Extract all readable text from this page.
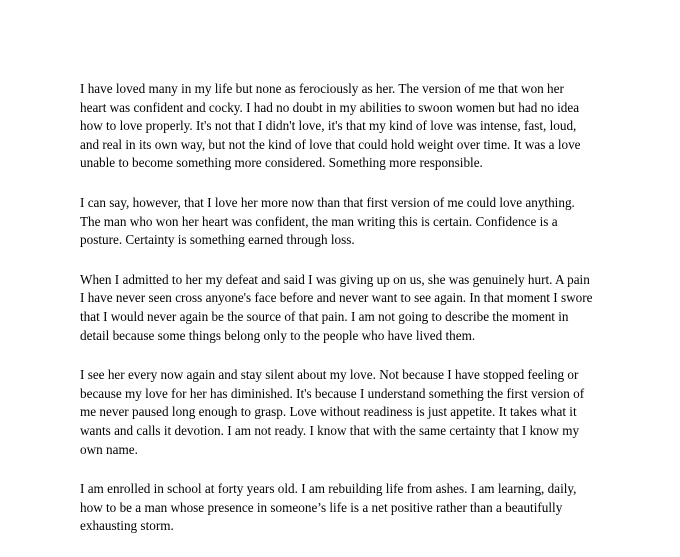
I have loved many in my life but none as ferociously as her. The version of me that won her
heart was confident and cocky. I had no doubt in my abilities to swoon women but had no idea
how to love properly. It's not that I didn't love, it's that my kind of love was intense, fast, loud,
and real in its own way, but not the kind of love that could hold weight over time. It was a love
unable to become something more considered. Something more responsible.

I can say, however, that I love her more now than that first version of me could love anything.
The man who won her heart was confident, the man writing this is certain. Confidence is a
posture. Certainty is something earned through loss.

When I admitted to her my defeat and said I was giving up on us, she was genuinely hurt. A pain
I have never seen cross anyone's face before and never want to see again. In that moment I swore
that I would never again be the source of that pain. I am not going to describe the moment in
detail because some things belong only to the people who have lived them.

I see her every now again and stay silent about my love. Not because I have stopped feeling or
because my love for her has diminished. It's because I understand something the first version of
me never paused long enough to grasp. Love without readiness is just appetite. It takes what it
wants and calls it devotion. I am not ready. I know that with the same certainty that I know my
own name.

I am enrolled in school at forty years old. I am rebuilding life from ashes. I am learning, daily,
how to be a man whose presence in someone’s life is a net positive rather than a beautifully
exhausting storm.
